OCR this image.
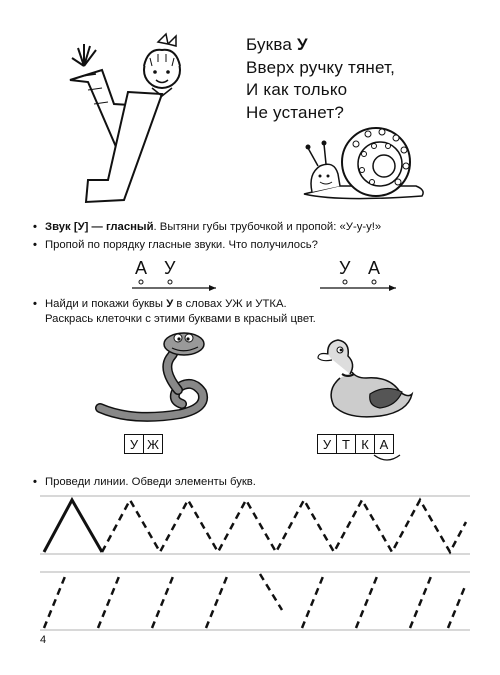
Буква У
Вверх ручку тянет,
И как только
Не устанет?
• Звук [У] — гласный. Вытяни губы трубочкой и пропой: «У-у-у!»
• Пропой по порядку гласные звуки. Что получилось?
А У	У А
• Найди и покажи буквы У в словах УЖ и УТКА.
Раскрась клеточки с этими буквами в красный цвет.
У Ж	У Т К А
• Проведи линии. Обведи элементы букв.
4
